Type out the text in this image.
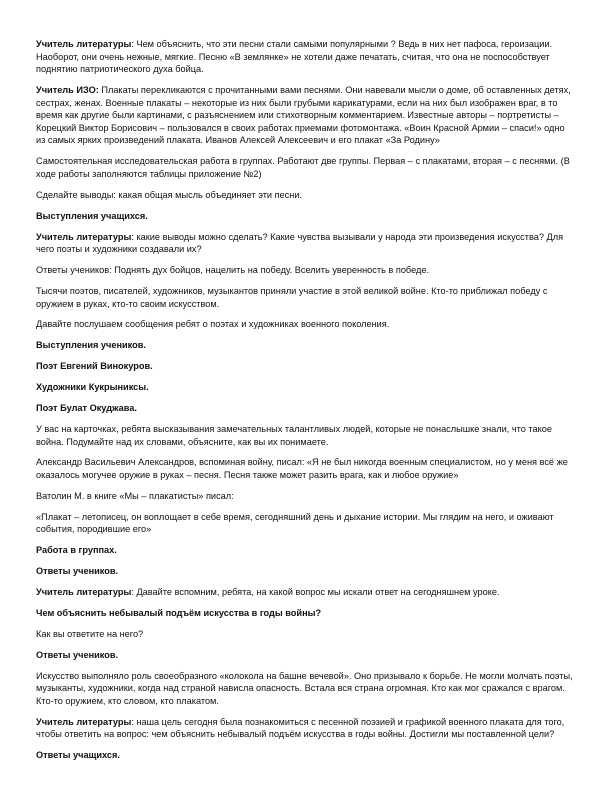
Учитель литературы: Чем объяснить, что эти песни стали самыми популярными ? Ведь в них нет пафоса, героизации. Наоборот, они очень нежные, мягкие. Песню «В землянке» не хотели даже печатать, считая, что она не поспособствует поднятию патриотического духа бойца.

Учитель ИЗО: Плакаты перекликаются с прочитанными вами песнями. Они навевали мысли о доме, об оставленных детях, сестрах, женах. Военные плакаты – некоторые из них были грубыми карикатурами, если на них был изображен враг, в то время как другие были картинами, с разъяснением или стихотворным комментарием. Известные авторы – портретисты – Корецкий Виктор Борисович – пользовался в своих работах приемами фотомонтажа. «Воин Красной Армии – спаси!» одно из самых ярких произведений плаката. Иванов Алексей Алексеевич и его плакат «За Родину»

Самостоятельная исследовательская работа в группах. Работают две группы. Первая – с плакатами, вторая – с песнями. (В ходе работы заполняются таблицы приложение №2)

Сделайте выводы: какая общая мысль объединяет эти песни.

Выступления учащихся.

Учитель литературы: какие выводы можно сделать? Какие чувства вызывали у народа эти произведения искусства? Для чего поэты и художники создавали их?

Ответы учеников: Поднять дух бойцов, нацелить на победу. Вселить уверенность в победе.

Тысячи поэтов, писателей, художников, музыкантов приняли участие в этой великой войне. Кто-то приближал победу с оружием в руках, кто-то своим искусством.

Давайте послушаем сообщения ребят о поэтах и художниках военного поколения.

Выступления учеников.

Поэт Евгений Винокуров.

Художники Кукрыниксы.

Поэт Булат Окуджава.

У вас на карточках, ребята высказывания замечательных талантливых людей, которые не понаслышке знали, что такое война. Подумайте над их словами, объясните, как вы их понимаете.

Александр Васильевич Александров, вспоминая войну, писал: «Я не был никогда военным специалистом, но у меня всё же оказалось могучее оружие в руках – песня. Песня также может разить врага, как и любое оружие»

Ватолин М. в книге «Мы – плакатисты» писал:

«Плакат – летописец, он воплощает в себе время, сегодняшний день и дыхание истории. Мы глядим на него, и оживают события, породившие его»

Работа в группах.

Ответы учеников.

Учитель литературы: Давайте вспомним, ребята, на какой вопрос мы искали ответ на сегодняшнем уроке.

Чем объяснить небывалый подъём искусства в годы войны?

Как вы ответите на него?

Ответы учеников.

Искусство выполняло роль своеобразного «колокола на башне вечевой». Оно призывало к борьбе. Не могли молчать поэты, музыканты, художники, когда над страной нависла опасность. Встала вся страна огромная. Кто как мог сражался с врагом. Кто-то оружием, кто словом, кто плакатом.

Учитель литературы: наша цель сегодня была познакомиться с песенной поэзией и графикой военного плаката для того, чтобы ответить на вопрос: чем объяснить небывалый подъём искусства в годы войны. Достигли мы поставленной цели?

Ответы учащихся.
